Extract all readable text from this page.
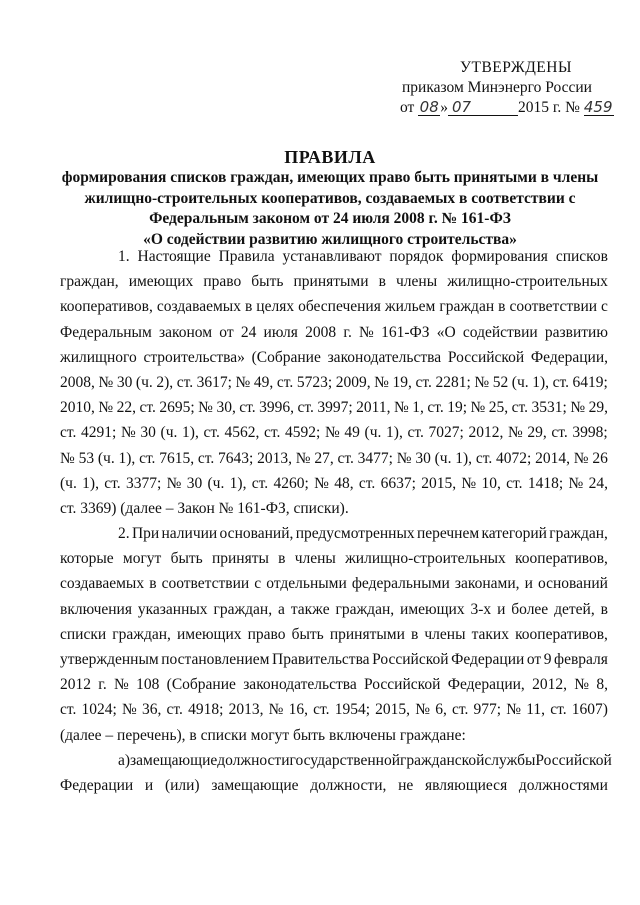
УТВЕРЖДЕНЫ
приказом Минэнерго России
от 08» 07	2015 г. № 459
ПРАВИЛА
формирования списков граждан, имеющих право быть принятыми в члены
жилищно-строительных кооперативов, создаваемых в соответствии с
Федеральным законом от 24 июля 2008 г. № 161-ФЗ
«О содействии развитию жилищного строительства»
1. Настоящие Правила устанавливают порядок формирования списков
граждан, имеющих право быть принятыми в члены жилищно-строительных
кооперативов, создаваемых в целях обеспечения жильем граждан в соответствии с
Федеральным законом от 24 июля 2008 г. № 161-ФЗ «О содействии развитию
жилищного строительства» (Собрание законодательства Российской Федерации,
2008, № 30 (ч. 2), ст. 3617; № 49, ст. 5723; 2009, № 19, ст. 2281; № 52 (ч. 1), ст. 6419;
2010, № 22, ст. 2695; № 30, ст. 3996, ст. 3997; 2011, № 1, ст. 19; № 25, ст. 3531; № 29,
ст. 4291; № 30 (ч. 1), ст. 4562, ст. 4592; № 49 (ч. 1), ст. 7027; 2012, № 29, ст. 3998;
№ 53 (ч. 1), ст. 7615, ст. 7643; 2013, № 27, ст. 3477; № 30 (ч. 1), ст. 4072; 2014, № 26
(ч. 1), ст. 3377; № 30 (ч. 1), ст. 4260; № 48, ст. 6637; 2015, № 10, ст. 1418; № 24,
ст. 3369) (далее – Закон № 161-ФЗ, списки).
2. При наличии оснований, предусмотренных перечнем категорий граждан,
которые могут быть приняты в члены жилищно-строительных кооперативов,
создаваемых в соответствии с отдельными федеральными законами, и оснований
включения указанных граждан, а также граждан, имеющих 3-х и более детей, в
списки граждан, имеющих право быть принятыми в члены таких кооперативов,
утвержденным постановлением Правительства Российской Федерации от 9 февраля
2012 г. № 108 (Собрание законодательства Российской Федерации, 2012, № 8,
ст. 1024; № 36, ст. 4918; 2013, № 16, ст. 1954; 2015, № 6, ст. 977; № 11, ст. 1607)
(далее – перечень), в списки могут быть включены граждане:
а) замещающие должности государственной гражданской службы Российской
Федерации и (или) замещающие должности, не являющиеся должностями
